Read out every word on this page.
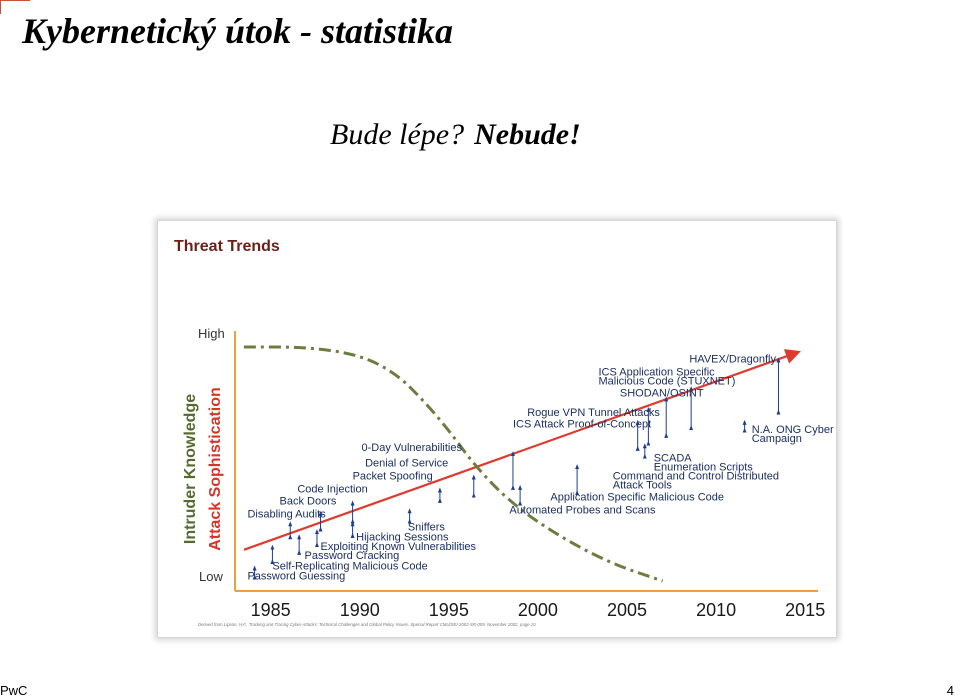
Kybernetický útok - statistika
Bude lépe? Nebude!
Threat Trends
High
Low
Intruder Knowledge Attack Sophistication
1985	1990	1995	2000	2005	2010	2015
Password Guessing
Self-Replicating Malicious Code
Password Cracking
Exploiting Known Vulnerabilities
Hijacking Sessions
Sniffers
Disabling Audits
Back Doors
Code Injection
Packet Spoofing
Denial of Service
0-Day Vulnerabilities
Automated Probes and Scans
Application Specific Malicious Code
Command and Control Distributed
Attack Tools
Enumeration Scripts
SCADA
ICS Attack Proof-of-Concept
Rogue VPN Tunnel Attacks
SHODAN/OSINT
ICS Application Specific
Malicious Code (STUXNET)
HAVEX/Dragonfly
N.A. ONG Cyber
Campaign
Derived from Lipson, H.F., Tracking and Tracing Cyber-Attacks: Technical Challenges and Global Policy Issues, Special Report CMU/SEI-2002-SR-009, November 2002, page 10.
PwC	4
